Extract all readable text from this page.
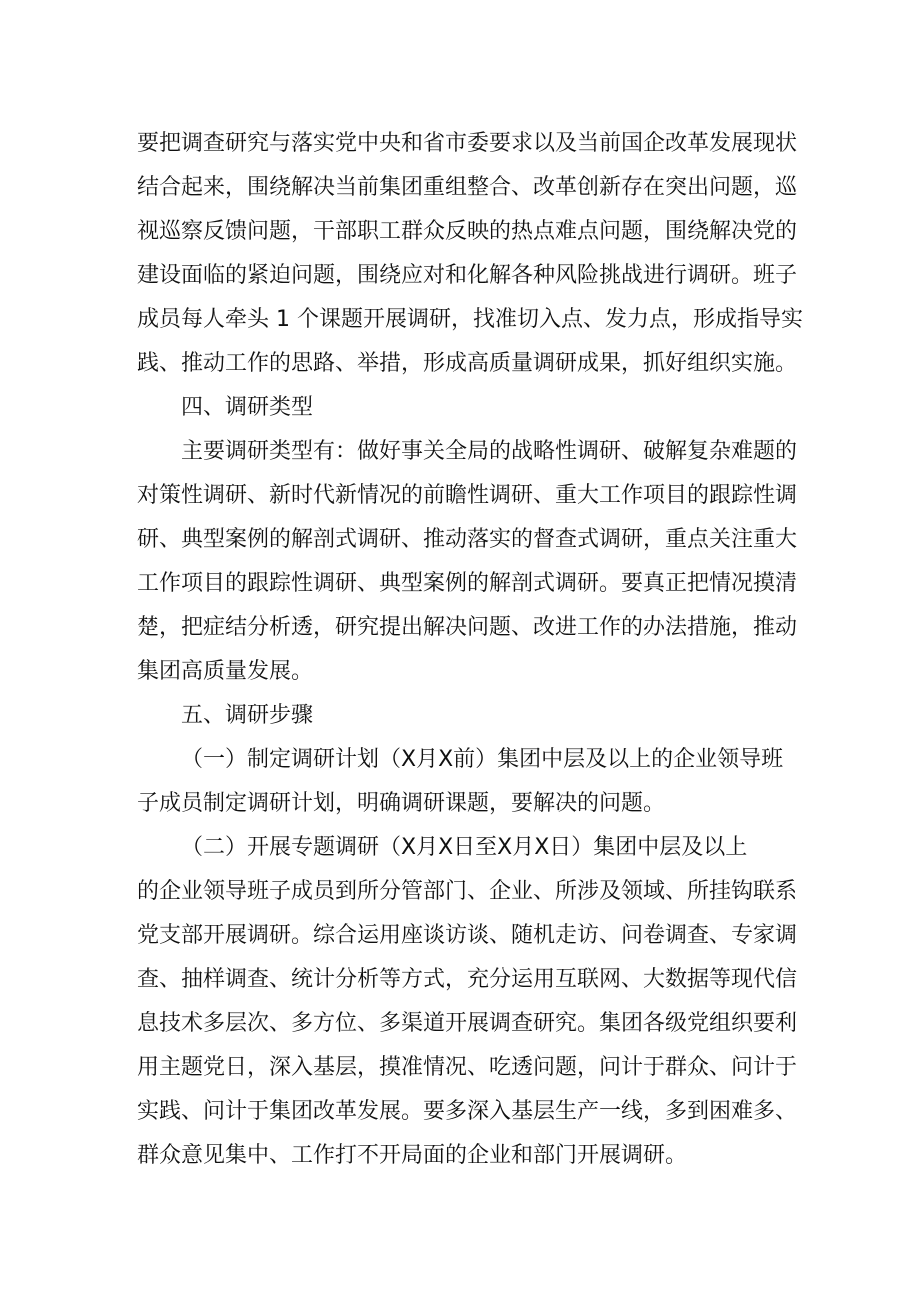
要把调查研究与落实党中央和省市委要求以及当前国企改革发展现状

结合起来，围绕解决当前集团重组整合、改革创新存在突出问题，巡

视巡察反馈问题，干部职工群众反映的热点难点问题，围绕解决党的

建设面临的紧迫问题，围绕应对和化解各种风险挑战进行调研。班子

成员每人牵头 1 个课题开展调研，找准切入点、发力点，形成指导实

践、推动工作的思路、举措，形成高质量调研成果，抓好组织实施。

四、调研类型

主要调研类型有：做好事关全局的战略性调研、破解复杂难题的

对策性调研、新时代新情况的前瞻性调研、重大工作项目的跟踪性调

研、典型案例的解剖式调研、推动落实的督查式调研，重点关注重大

工作项目的跟踪性调研、典型案例的解剖式调研。要真正把情况摸清

楚，把症结分析透，研究提出解决问题、改进工作的办法措施，推动

集团高质量发展。

五、调研步骤

（一）制定调研计划（X月X前）集团中层及以上的企业领导班

子成员制定调研计划，明确调研课题，要解决的问题。

（二）开展专题调研（X月X日至X月X日）集团中层及以上

的企业领导班子成员到所分管部门、企业、所涉及领域、所挂钩联系

党支部开展调研。综合运用座谈访谈、随机走访、问卷调查、专家调

查、抽样调查、统计分析等方式，充分运用互联网、大数据等现代信

息技术多层次、多方位、多渠道开展调查研究。集团各级党组织要利

用主题党日，深入基层，摸准情况、吃透问题，问计于群众、问计于

实践、问计于集团改革发展。要多深入基层生产一线，多到困难多、

群众意见集中、工作打不开局面的企业和部门开展调研。
